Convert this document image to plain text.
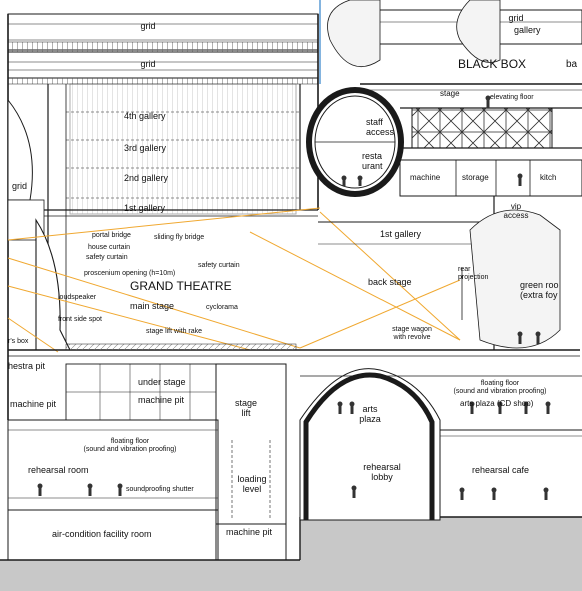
grid
grid
grid
gallery
BLACK BOX	ba
stage	elevating floor
staff
access
resta
urant
machine	storage	kitch
4th gallery
3rd gallery
2nd gallery
1st gallery
grid
portal bridge	sliding fly bridge
house curtain
safety curtain
safety curtain
proscenium opening (h=10m)
GRAND THEATRE
loudspeaker
main stage	cyclorama
front side spot
stage lift with rake
r's box
hestra pit
vip
access
1st gallery
back stage
rear
projection
green roo
(extra foy
stage wagon
with revolve
under stage
machine pit
machine pit	stage
lift
floating floor
(sound and vibration proofing)
arts plaza (CD shop)
arts
plaza
floating floor
(sound and vibration proofing)
rehearsal room
soundproofing shutter
loading
level
rehearsal
lobby
rehearsal cafe
air-condition facility room	machine pit
